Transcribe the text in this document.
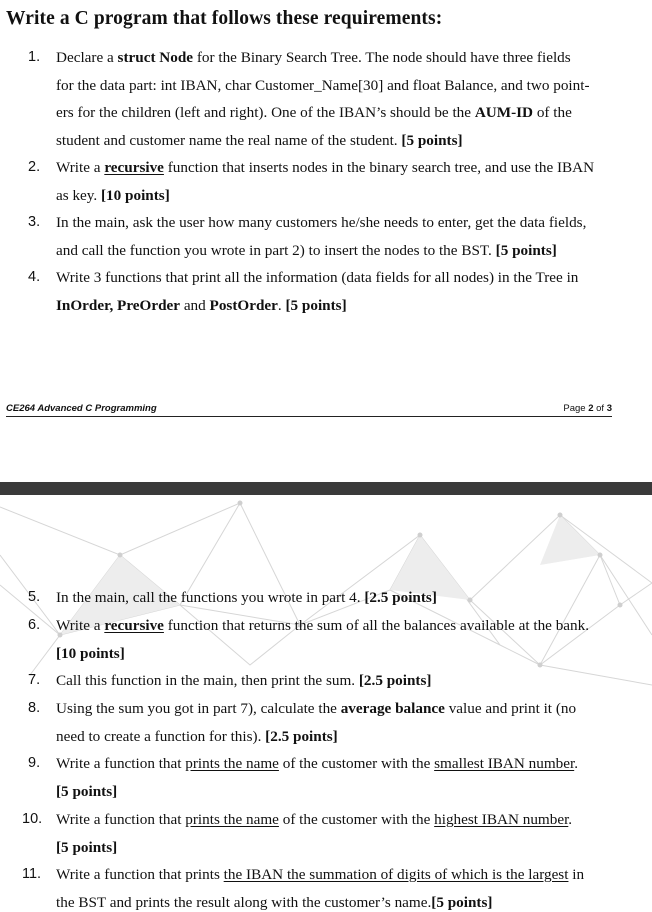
Write a C program that follows these requirements:
1. Declare a struct Node for the Binary Search Tree. The node should have three fields
for the data part: int IBAN, char Customer_Name[30] and float Balance, and two point-
ers for the children (left and right). One of the IBAN’s should be the AUM-ID of the
student and customer name the real name of the student. [5 points]
2. Write a recursive function that inserts nodes in the binary search tree, and use the IBAN
as key. [10 points]
3. In the main, ask the user how many customers he/she needs to enter, get the data fields,
and call the function you wrote in part 2) to insert the nodes to the BST. [5 points]
4. Write 3 functions that print all the information (data fields for all nodes) in the Tree in
InOrder, PreOrder and PostOrder. [5 points]
CE264 Advanced C Programming	Page 2 of 3
5. In the main, call the functions you wrote in part 4. [2.5 points]
6. Write a recursive function that returns the sum of all the balances available at the bank.
[10 points]
7. Call this function in the main, then print the sum. [2.5 points]
8. Using the sum you got in part 7), calculate the average balance value and print it (no
need to create a function for this). [2.5 points]
9. Write a function that prints the name of the customer with the smallest IBAN number.
[5 points]
10. Write a function that prints the name of the customer with the highest IBAN number.
[5 points]
11. Write a function that prints the IBAN the summation of digits of which is the largest in
the BST and prints the result along with the customer’s name.[5 points]
